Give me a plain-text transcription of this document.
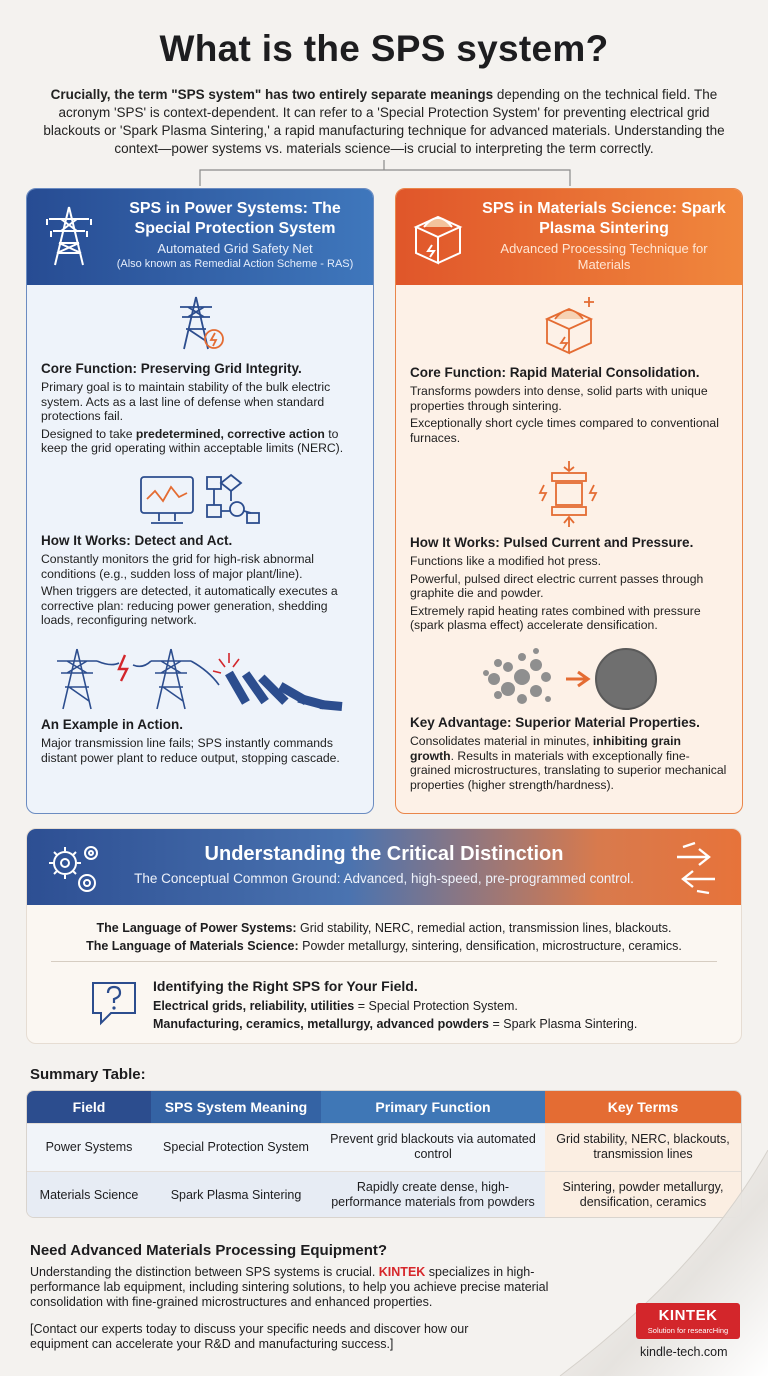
What is the SPS system?
Crucially, the term "SPS system" has two entirely separate meanings depending on the technical field. The acronym 'SPS' is context-dependent. It can refer to a 'Special Protection System' for preventing electrical grid blackouts or 'Spark Plasma Sintering,' a rapid manufacturing technique for advanced materials. Understanding the context—power systems vs. materials science—is crucial to interpreting the term correctly.
SPS in Power Systems: The Special Protection System
Automated Grid Safety Net
(Also known as Remedial Action Scheme - RAS)
Core Function: Preserving Grid Integrity.

Primary goal is to maintain stability of the bulk electric system. Acts as a last line of defense when standard protections fail.

Designed to take predetermined, corrective action to keep the grid operating within acceptable limits (NERC).

How It Works: Detect and Act.

Constantly monitors the grid for high-risk abnormal conditions (e.g., sudden loss of major plant/line).

When triggers are detected, it automatically executes a corrective plan: reducing power generation, shedding loads, reconfiguring network.

An Example in Action.

Major transmission line fails; SPS instantly commands distant power plant to reduce output, stopping cascade.

SPS in Materials Science: Spark Plasma Sintering
Advanced Processing Technique for Materials
Core Function: Rapid Material Consolidation.

Transforms powders into dense, solid parts with unique properties through sintering.

Exceptionally short cycle times compared to conventional furnaces.

How It Works: Pulsed Current and Pressure.

Functions like a modified hot press.

Powerful, pulsed direct electric current passes through graphite die and powder.

Extremely rapid heating rates combined with pressure (spark plasma effect) accelerate densification.

Key Advantage: Superior Material Properties.

Consolidates material in minutes, inhibiting grain growth. Results in materials with exceptionally fine-grained microstructures, translating to superior mechanical properties (higher strength/hardness).

Understanding the Critical Distinction
The Conceptual Common Ground: Advanced, high-speed, pre-programmed control.
The Language of Power Systems: Grid stability, NERC, remedial action, transmission lines, blackouts.
The Language of Materials Science: Powder metallurgy, sintering, densification, microstructure, ceramics.
Identifying the Right SPS for Your Field.
Electrical grids, reliability, utilities = Special Protection System.
Manufacturing, ceramics, metallurgy, advanced powders = Spark Plasma Sintering.
Summary Table:
Field	SPS System Meaning	Primary Function	Key Terms
Power Systems	Special Protection System	Prevent grid blackouts via automated control	Grid stability, NERC, blackouts, transmission lines
Materials Science	Spark Plasma Sintering	Rapidly create dense, high-performance materials from powders	Sintering, powder metallurgy, densification, ceramics
Need Advanced Materials Processing Equipment?
Understanding the distinction between SPS systems is crucial. KINTEK specializes in high-performance lab equipment, including sintering solutions, to help you achieve precise material consolidation with fine-grained microstructures and enhanced properties.
[Contact our experts today to discuss your specific needs and discover how our equipment can accelerate your R&D and manufacturing success.]
KINTEK
Solution for researcHing
kindle-tech.com
